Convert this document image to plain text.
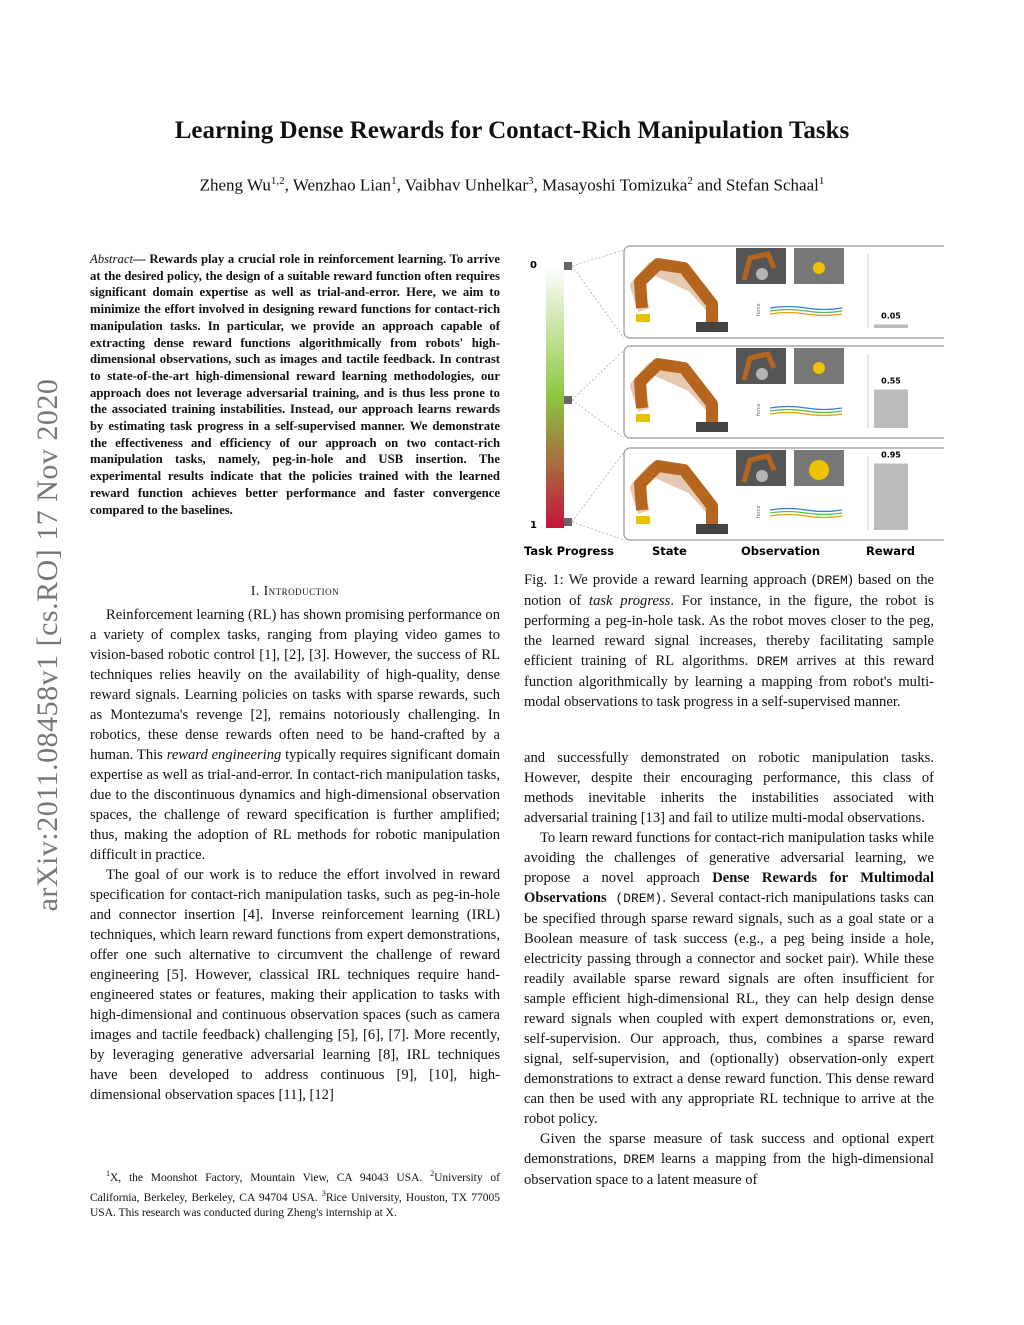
arXiv:2011.08458v1 [cs.RO] 17 Nov 2020
Learning Dense Rewards for Contact-Rich Manipulation Tasks
Zheng Wu$^{1,2}$, Wenzhao Lian$^1$, Vaibhav Unhelkar$^3$, Masayoshi Tomizuka$^2$ and Stefan Schaal$^1$
Abstract— Rewards play a crucial role in reinforcement learning. To arrive at the desired policy, the design of a suitable reward function often requires significant domain expertise as well as trial-and-error. Here, we aim to minimize the effort involved in designing reward functions for contact-rich manipulation tasks. In particular, we provide an approach capable of extracting dense reward functions algorithmically from robots' high-dimensional observations, such as images and tactile feedback. In contrast to state-of-the-art high-dimensional reward learning methodologies, our approach does not leverage adversarial training, and is thus less prone to the associated training instabilities. Instead, our approach learns rewards by estimating task progress in a self-supervised manner. We demonstrate the effectiveness and efficiency of our approach on two contact-rich manipulation tasks, namely, peg-in-hole and USB insertion. The experimental results indicate that the policies trained with the learned reward function achieves better performance and faster convergence compared to the baselines.

I. Introduction

Reinforcement learning (RL) has shown promising performance on a variety of complex tasks, ranging from playing video games to vision-based robotic control [1], [2], [3]. However, the success of RL techniques relies heavily on the availability of high-quality, dense reward signals. Learning policies on tasks with sparse rewards, such as Montezuma's revenge [2], remains notoriously challenging. In robotics, these dense rewards often need to be hand-crafted by a human. This reward engineering typically requires significant domain expertise as well as trial-and-error. In contact-rich manipulation tasks, due to the discontinuous dynamics and high-dimensional observation spaces, the challenge of reward specification is further amplified; thus, making the adoption of RL methods for robotic manipulation difficult in practice.

The goal of our work is to reduce the effort involved in reward specification for contact-rich manipulation tasks, such as peg-in-hole and connector insertion [4]. Inverse reinforcement learning (IRL) techniques, which learn reward functions from expert demonstrations, offer one such alternative to circumvent the challenge of reward engineering [5]. However, classical IRL techniques require hand-engineered states or features, making their application to tasks with high-dimensional and continuous observation spaces (such as camera images and tactile feedback) challenging [5], [6], [7]. More recently, by leveraging generative adversarial learning [8], IRL techniques have been developed to address continuous [9], [10], high-dimensional observation spaces [11], [12]

$^1$X, the Moonshot Factory, Mountain View, CA 94043 USA. $^2$University of California, Berkeley, Berkeley, CA 94704 USA. $^3$Rice University, Houston, TX 77005 USA. This research was conducted during Zheng's internship at X.
0
1
force	0.05
force
0.55
force
0.95
Task Progress	State	Observation	Reward
Fig. 1: We provide a reward learning approach (DREM) based on the notion of task progress. For instance, in the figure, the robot is performing a peg-in-hole task. As the robot moves closer to the peg, the learned reward signal increases, thereby facilitating sample efficient training of RL algorithms. DREM arrives at this reward function algorithmically by learning a mapping from robot's multi-modal observations to task progress in a self-supervised manner.

and successfully demonstrated on robotic manipulation tasks. However, despite their encouraging performance, this class of methods inevitable inherits the instabilities associated with adversarial training [13] and fail to utilize multi-modal observations.

To learn reward functions for contact-rich manipulation tasks while avoiding the challenges of generative adversarial learning, we propose a novel approach Dense Rewards for Multimodal Observations (DREM). Several contact-rich manipulations tasks can be specified through sparse reward signals, such as a goal state or a Boolean measure of task success (e.g., a peg being inside a hole, electricity passing through a connector and socket pair). While these readily available sparse reward signals are often insufficient for sample efficient high-dimensional RL, they can help design dense reward signals when coupled with expert demonstrations or, even, self-supervision. Our approach, thus, combines a sparse reward signal, self-supervision, and (optionally) observation-only expert demonstrations to extract a dense reward function. This dense reward can then be used with any appropriate RL technique to arrive at the robot policy.

Given the sparse measure of task success and optional expert demonstrations, DREM learns a mapping from the high-dimensional observation space to a latent measure of
